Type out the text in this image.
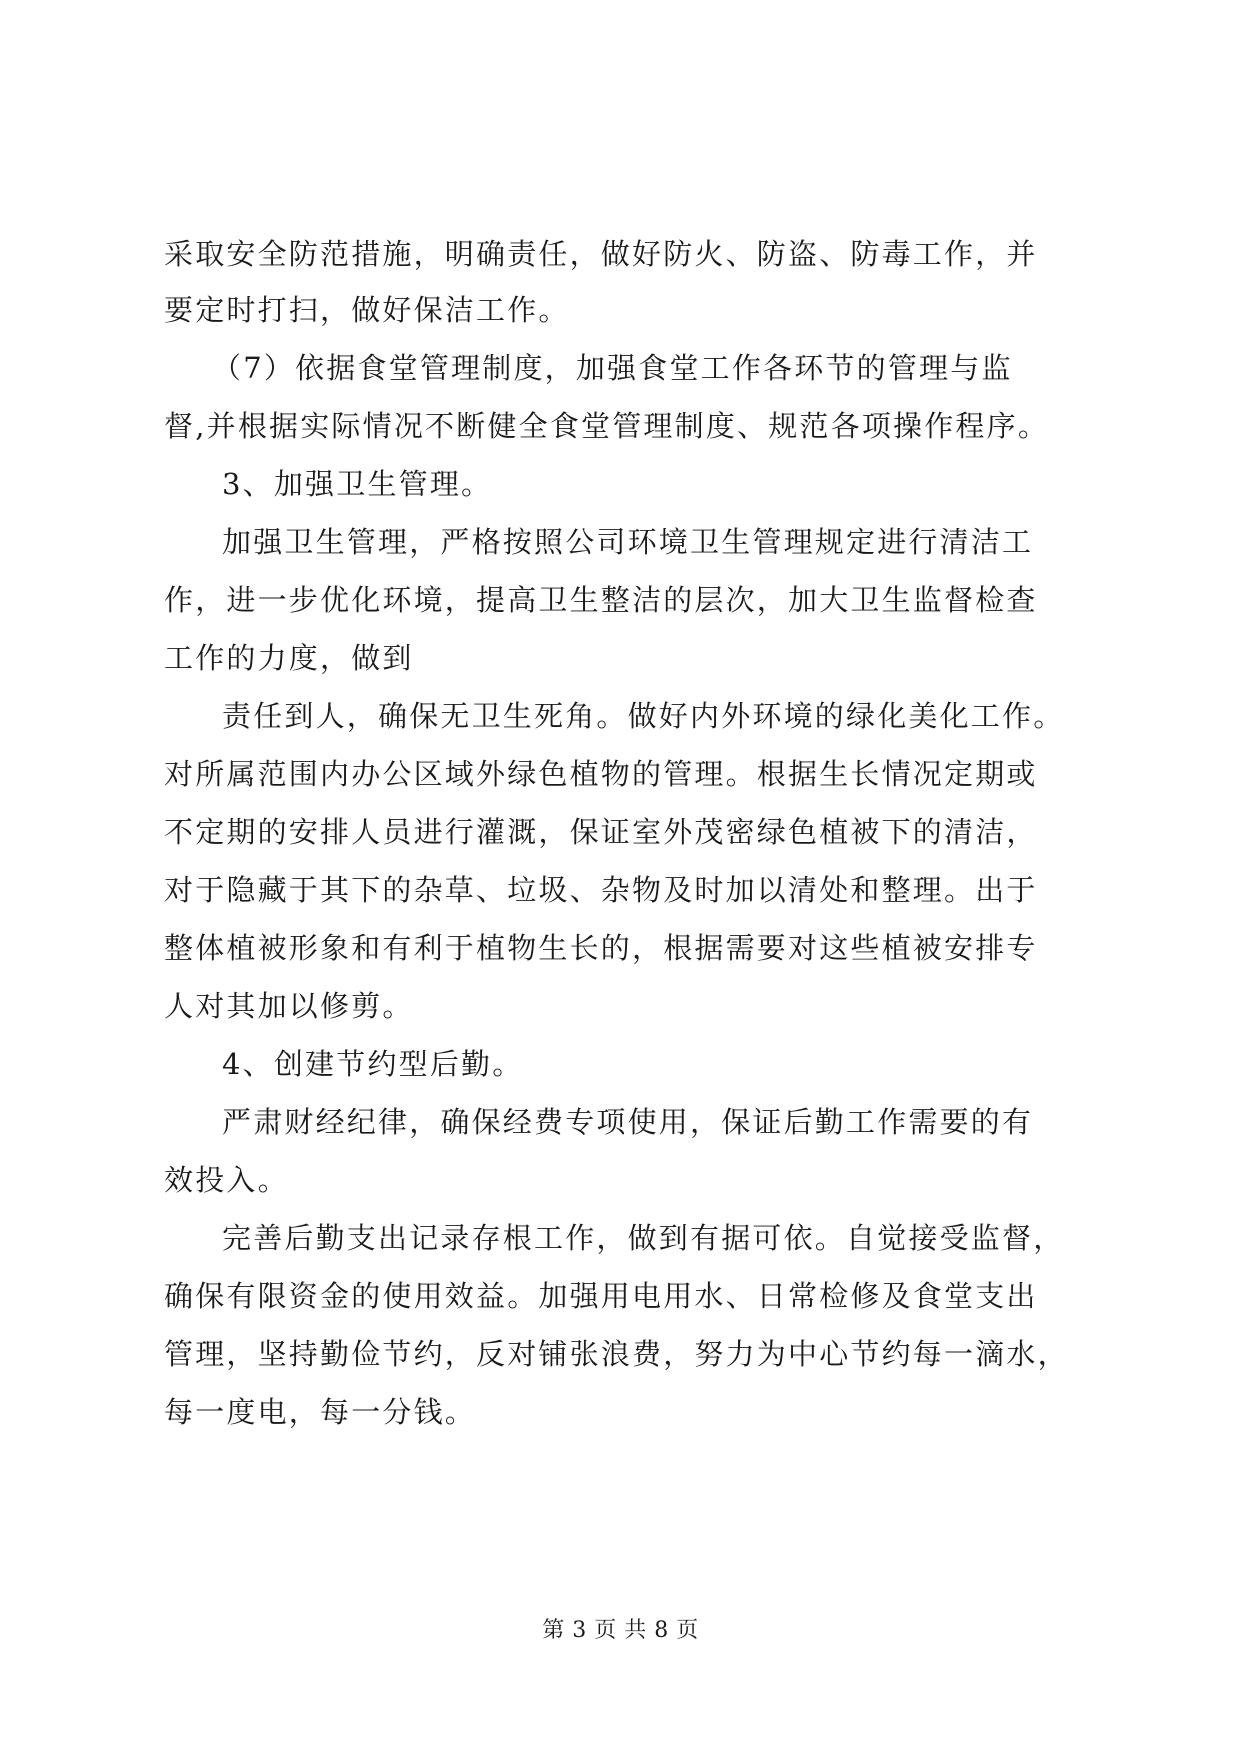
采取安全防范措施，明确责任，做好防火、防盗、防毒工作，并
要定时打扫，做好保洁工作。
（7）依据食堂管理制度，加强食堂工作各环节的管理与监
督,并根据实际情况不断健全食堂管理制度、规范各项操作程序。
3、加强卫生管理。
加强卫生管理，严格按照公司环境卫生管理规定进行清洁工
作，进一步优化环境，提高卫生整洁的层次，加大卫生监督检查
工作的力度，做到
责任到人，确保无卫生死角。做好内外环境的绿化美化工作。
对所属范围内办公区域外绿色植物的管理。根据生长情况定期或
不定期的安排人员进行灌溉，保证室外茂密绿色植被下的清洁，
对于隐藏于其下的杂草、垃圾、杂物及时加以清处和整理。出于
整体植被形象和有利于植物生长的，根据需要对这些植被安排专
人对其加以修剪。
4、创建节约型后勤。
严肃财经纪律，确保经费专项使用，保证后勤工作需要的有
效投入。
完善后勤支出记录存根工作，做到有据可依。自觉接受监督，
确保有限资金的使用效益。加强用电用水、日常检修及食堂支出
管理，坚持勤俭节约，反对铺张浪费，努力为中心节约每一滴水，
每一度电，每一分钱。
第 3 页 共 8 页
